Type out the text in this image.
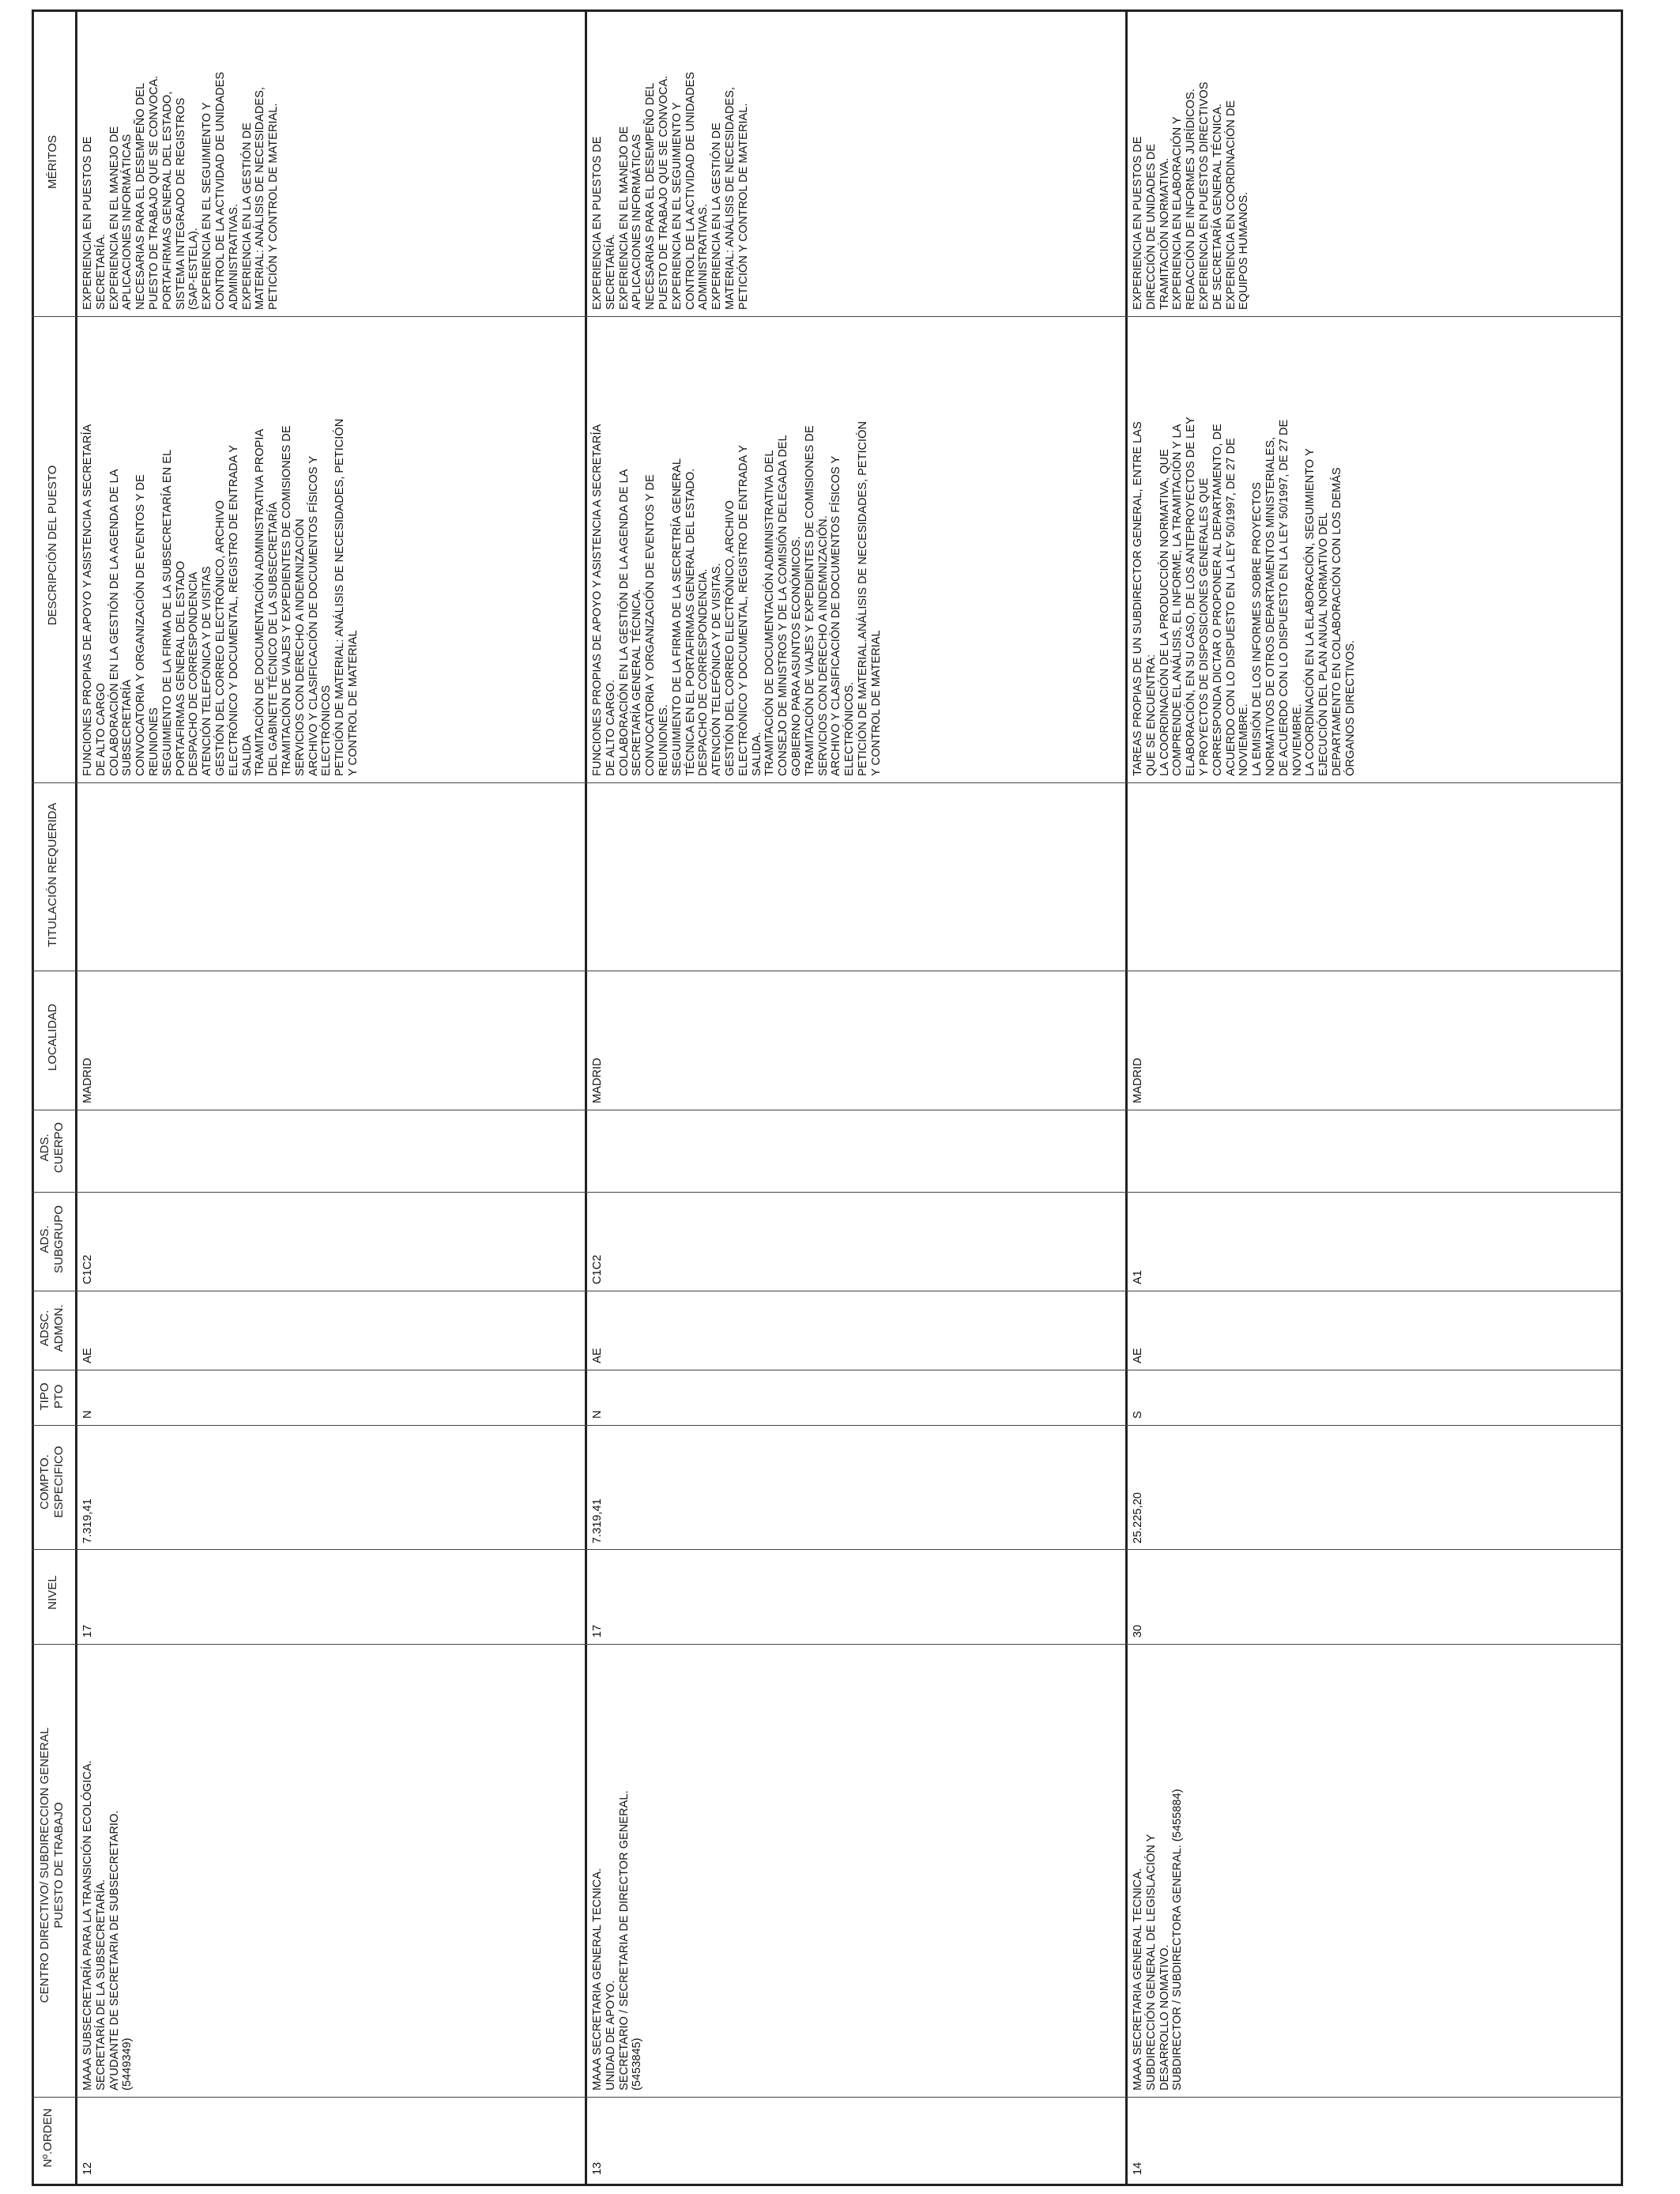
Nº.ORDEN
CENTRO DIRECTIVO/ SUBDIRECCION GENERAL
PUESTO DE TRABAJO
NIVEL
COMPTO.
ESPECIFICO
TIPO
PTO
ADSC.
ADMON.
ADS.
SUBGRUPO
ADS.
CUERPO
LOCALIDAD
TITULACIÓN REQUERIDA
DESCRIPCIÓN DEL PUESTO
MÉRITOS
12
MAAA SUBSECRETARÍA PARA LA TRANSICIÓN ECOLÓGICA.
SECRETARÍA DE LA SUBSECRETARÍA.
AYUDANTE DE SECRETARIA DE SUBSECRETARIO.
(5449349)
17
7.319,41
N
AE
C1C2
MADRID
FUNCIONES PROPIAS DE APOYO Y ASISTENCIA A SECRETARÍA
DE ALTO CARGO
COLABORACIÓN EN LA GESTIÓN DE LA AGENDA DE LA
SUBSECRETARÍA
CONVOCATORIA Y ORGANIZACIÓN DE EVENTOS Y DE
REUNIONES
SEGUIMIENTO DE LA FIRMA DE LA SUBSECRETARÍA EN EL
PORTAFIRMAS GENERAL DEL ESTADO
DESPACHO DE CORRESPONDENCIA
ATENCIÓN TELEFÓNICA Y DE VISITAS
GESTIÓN DEL CORREO ELECTRÓNICO, ARCHIVO
ELECTRÓNICO Y DOCUMENTAL, REGISTRO DE ENTRADA Y
SALIDA
TRAMITACIÓN DE DOCUMENTACIÓN ADMINISTRATIVA PROPIA
DEL GABINETE TÉCNICO DE LA SUBSECRETARÍA
TRAMITACIÓN DE VIAJES Y EXPEDIENTES DE COMISIONES DE
SERVICIOS CON DERECHO A INDEMNIZACIÓN
ARCHIVO Y CLASIFICACIÓN DE DOCUMENTOS FÍSICOS Y
ELECTRÓNICOS
PETICIÓN DE MATERIAL: ANÁLISIS DE NECESIDADES, PETICIÓN
Y CONTROL DE MATERIAL
EXPERIENCIA EN PUESTOS DE
SECRETARÍA.
EXPERIENCIA EN EL MANEJO DE
APLICACIONES INFORMÁTICAS
NECESARIAS PARA EL DESEMPEÑO DEL
PUESTO DE TRABAJO QUE SE CONVOCA.
PORTAFIRMAS GENERAL DEL ESTADO,
SISTEMA INTEGRADO DE REGISTROS
(SAP-ESTELA).
EXPERIENCIA EN EL SEGUIMIENTO Y
CONTROL DE LA ACTIVIDAD DE UNIDADES
ADMINISTRATIVAS.
EXPERIENCIA EN LA GESTIÓN DE
MATERIAL: ANÁLISIS DE NECESIDADES,
PETICIÓN Y CONTROL DE MATERIAL.
13
MAAA SECRETARIA GENERAL TECNICA.
UNIDAD DE APOYO.
SECRETARIO / SECRETARIA DE DIRECTOR GENERAL.
(5453845)
17
7.319,41
N
AE
C1C2
MADRID
FUNCIONES PROPIAS DE APOYO Y ASISTENCIA A SECRETARÍA
DE ALTO CARGO.
COLABORACIÓN EN LA GESTIÓN DE LA AGENDA DE LA
SECRETARÍA GENERAL TÉCNICA.
CONVOCATORIA Y ORGANIZACIÓN DE EVENTOS Y DE
REUNIONES.
SEGUIMIENTO DE LA FIRMA DE LA SECRETRÍA GENERAL
TÉCNICA EN EL PORTAFIRMAS GENERAL DEL ESTADO.
DESPACHO DE CORRESPONDENCIA.
ATENCIÓN TELEFÓNICA Y DE VISITAS.
GESTIÓN DEL CORREO ELECTRÓNICO, ARCHIVO
ELECTRÓNICO Y DOCUMENTAL, REGISTRO DE ENTRADA Y
SALIDA.
TRAMITACIÓN DE DOCUMENTACIÓN ADMINISTRATIVA DEL
CONSEJO DE MINISTROS Y DE LA COMISIÓN DELEGADA DEL
GOBIERNO PARA ASUNTOS ECONÓMICOS.
TRAMITACIÓN DE VIAJES Y EXPEDIENTES DE COMISIONES DE
SERVICIOS CON DERECHO A INDEMNIZACIÓN.
ARCHIVO Y CLASIFICACIÓN DE DOCUMENTOS FÍSICOS Y
ELECTRÓNICOS.
PETICIÓN DE MATERIAL.ANÁLISIS DE NECESIDADES, PETICIÓN
Y CONTROL DE MATERIAL
EXPERIENCIA EN PUESTOS DE
SECRETARÍA.
EXPERIENCIA EN EL MANEJO DE
APLICACIONES INFORMÁTICAS
NECESARIAS PARA EL DESEMPEÑO DEL
PUESTO DE TRABAJO QUE SE CONVOCA.
EXPERIENCIA EN EL SEGUIMIENTO Y
CONTROL DE LA ACTIVIDAD DE UNIDADES
ADMINISTRATIVAS.
EXPERIENCIA EN LA GESTIÓN DE
MATERIAL: ANÁLISIS DE NECESIDADES,
PETICIÓN Y CONTROL DE MATERIAL.
14
MAAA SECRETARIA GENERAL TECNICA.
SUBDIRECCIÓN GENERAL DE LEGISLACIÓN Y
DESARROLLO NOMATIVO.
SUBDIRECTOR / SUBDIRECTORA GENERAL. (5455884)
30
25.225,20
S
AE
A1
MADRID
TAREAS PROPIAS DE UN SUBDIRECTOR GENERAL, ENTRE LAS
QUE SE ENCUENTRA:
LA COORDINACIÓN DE LA PRODUCCIÓN NORMATIVA, QUE
COMPRENDE EL ANÁLISIS, EL INFORME, LA TRAMITACIÓN Y LA
ELABORACIÓN, EN SU CASO, DE LOS ANTEPROYECTOS DE LEY
Y PROYECTOS DE DISPOSICIONES GENERALES QUE
CORRESPONDA DICTAR O PROPONER AL DEPARTAMENTO, DE
ACUERDO CON LO DISPUESTO EN LA LEY 50/1997, DE 27 DE
NOVIEMBRE.
LA EMISIÓN DE LOS INFORMES SOBRE PROYECTOS
NORMATIVOS DE OTROS DEPARTAMENTOS MINISTERIALES,
DE ACUERDO CON LO DISPUESTO EN LA LEY 50/1997, DE 27 DE
NOVIEMBRE.
LA COORDINACIÓN EN LA ELABORACIÓN, SEGUIMIENTO Y
EJECUCIÓN DEL PLAN ANUAL NORMATIVO DEL
DEPARTAMENTO EN COLABORACIÓN CON LOS DEMÁS
ÓRGANOS DIRECTIVOS.
EXPERIENCIA EN PUESTOS DE
DIRECCIÓN DE UNIDADES DE
TRAMITACIÓN NORMATIVA.
EXPERIENCIA EN ELABORACIÓN Y
REDACCIÓN DE INFORMES JURÍDICOS.
EXPERIENCIA EN PUESTOS DIRECTIVOS
DE SECRETARÍA GENERAL TÉCNICA.
EXPERIENCIA EN COORDINACIÓN DE
EQUIPOS HUMANOS.
